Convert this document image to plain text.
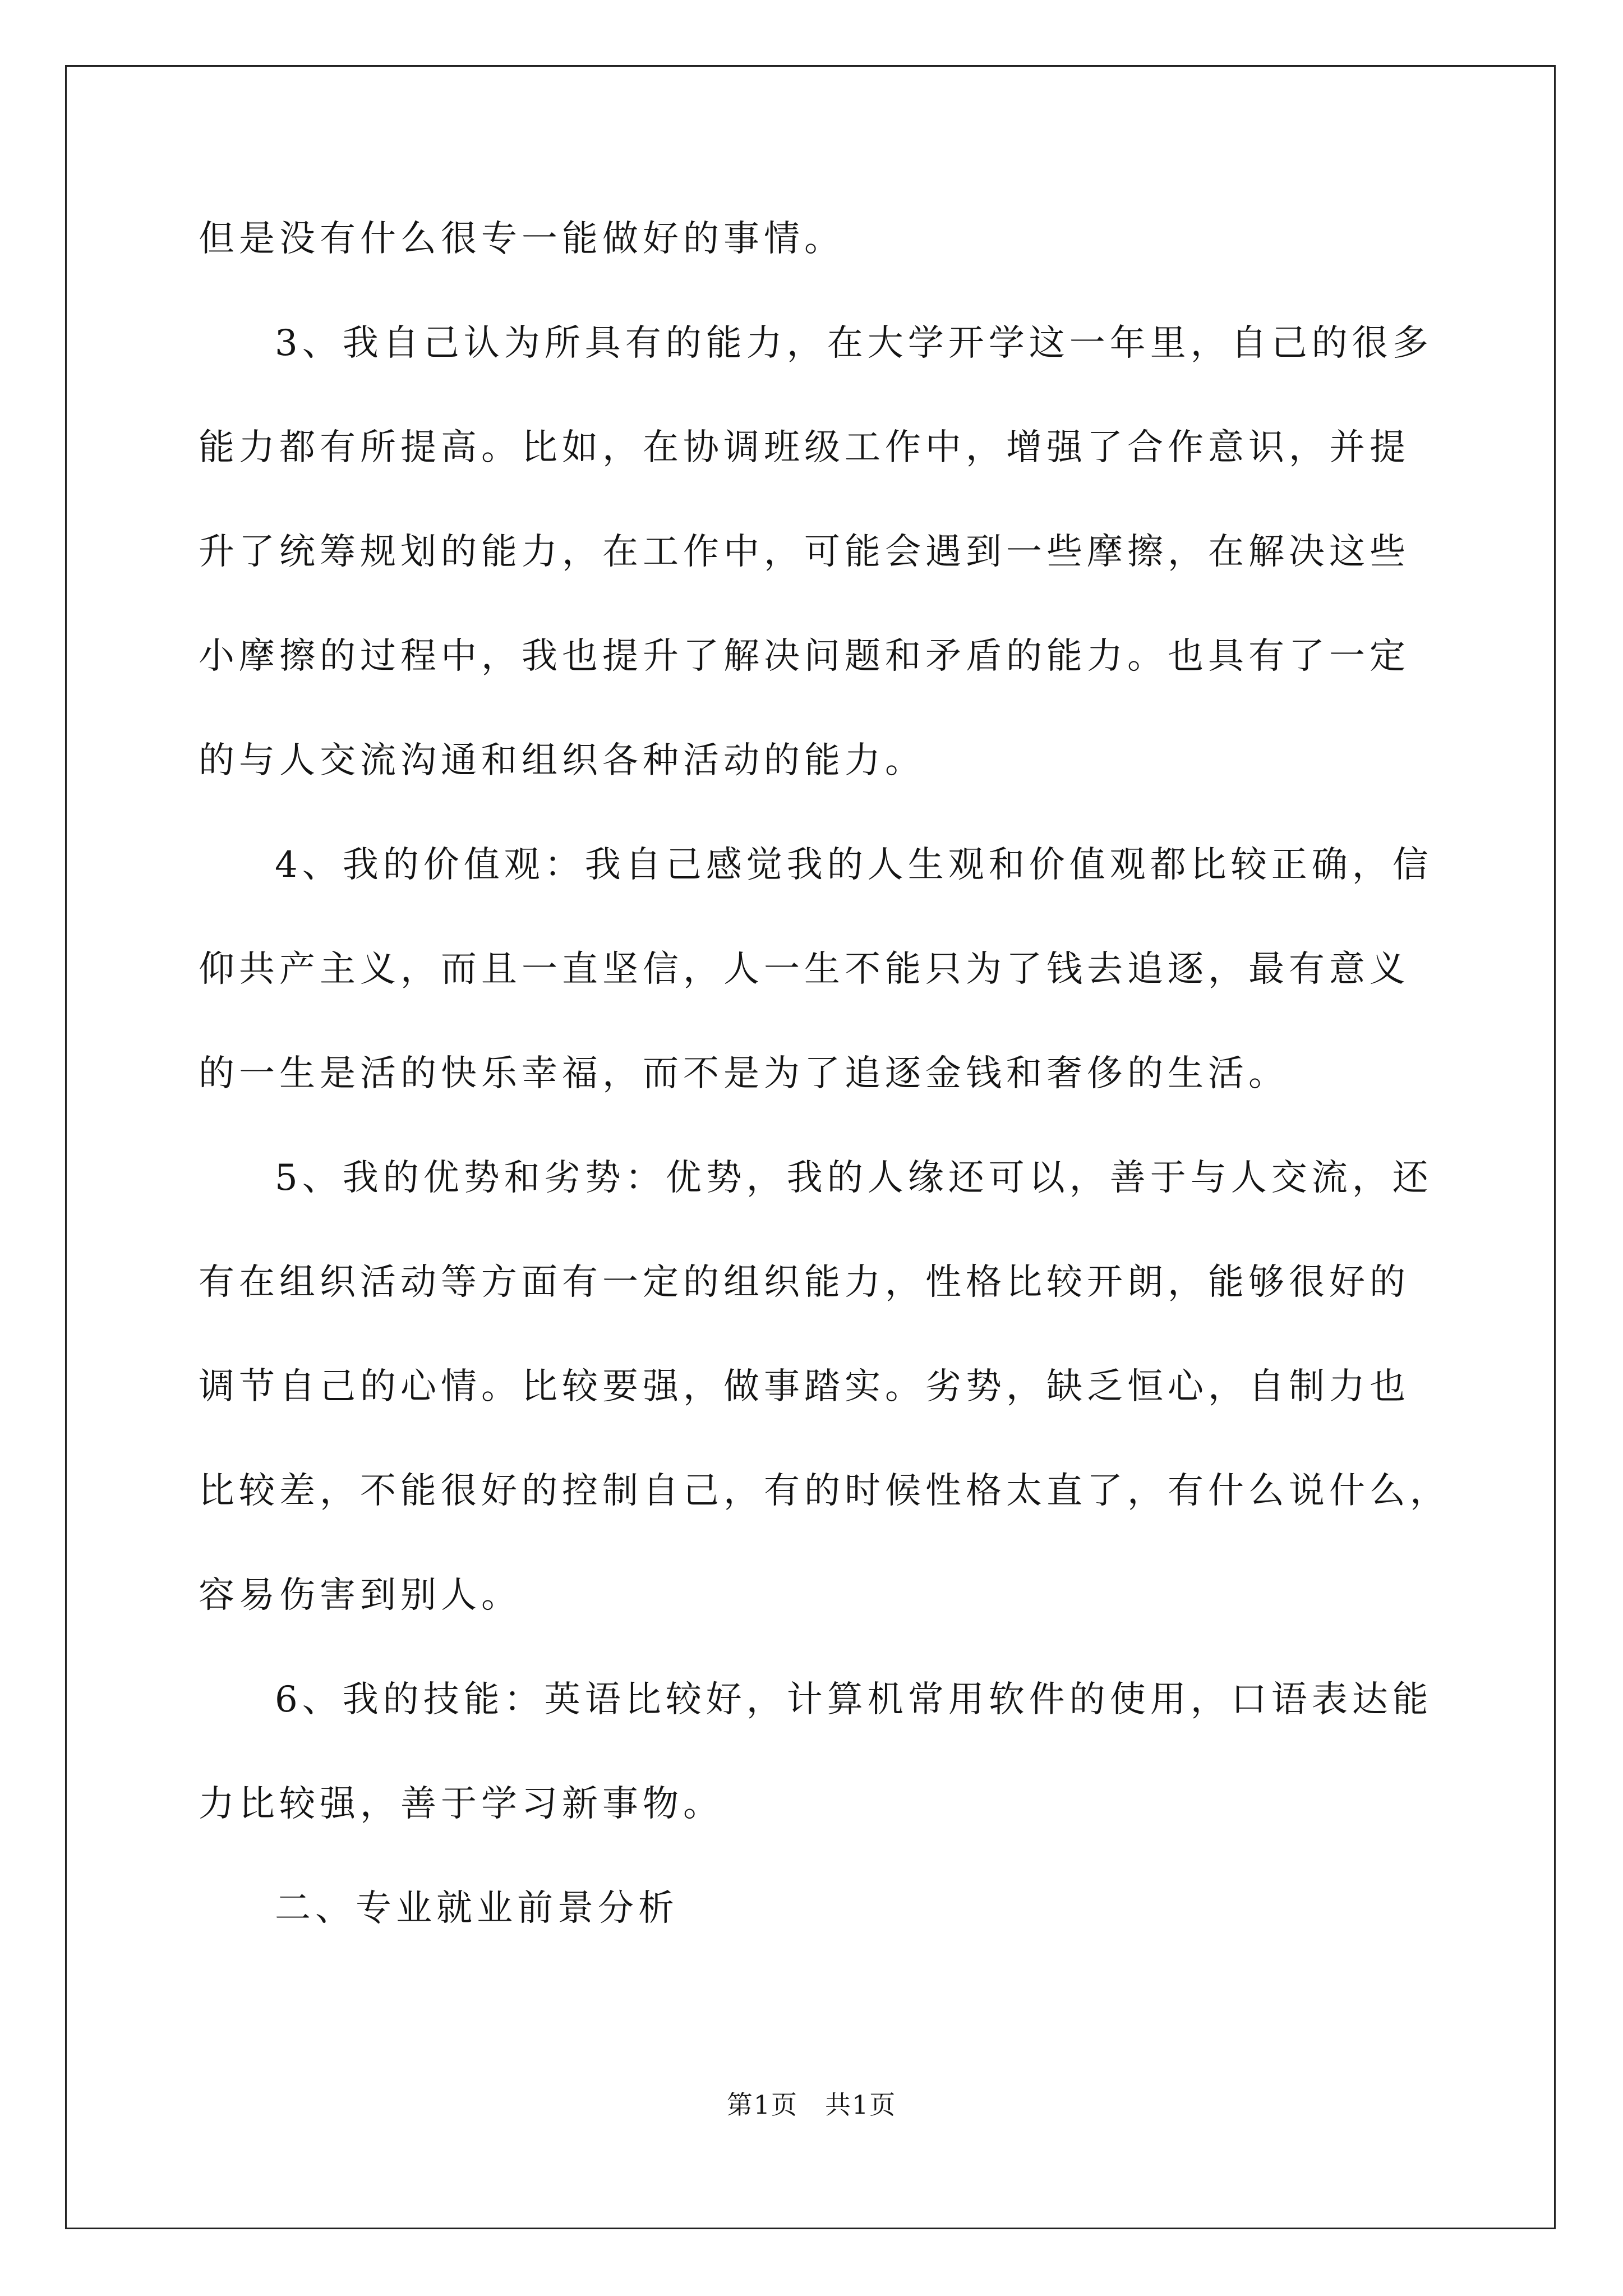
但是没有什么很专一能做好的事情。
3、我自己认为所具有的能力，在大学开学这一年里，自己的很多
能力都有所提高。比如，在协调班级工作中，增强了合作意识，并提
升了统筹规划的能力，在工作中，可能会遇到一些摩擦，在解决这些
小摩擦的过程中，我也提升了解决问题和矛盾的能力。也具有了一定
的与人交流沟通和组织各种活动的能力。
4、我的价值观：我自己感觉我的人生观和价值观都比较正确，信
仰共产主义，而且一直坚信，人一生不能只为了钱去追逐，最有意义
的一生是活的快乐幸福，而不是为了追逐金钱和奢侈的生活。
5、我的优势和劣势：优势，我的人缘还可以，善于与人交流，还
有在组织活动等方面有一定的组织能力，性格比较开朗，能够很好的
调节自己的心情。比较要强，做事踏实。劣势，缺乏恒心，自制力也
比较差，不能很好的控制自己，有的时候性格太直了，有什么说什么，
容易伤害到别人。
6、我的技能：英语比较好，计算机常用软件的使用，口语表达能
力比较强，善于学习新事物。
二、专业就业前景分析
第1页　共1页
